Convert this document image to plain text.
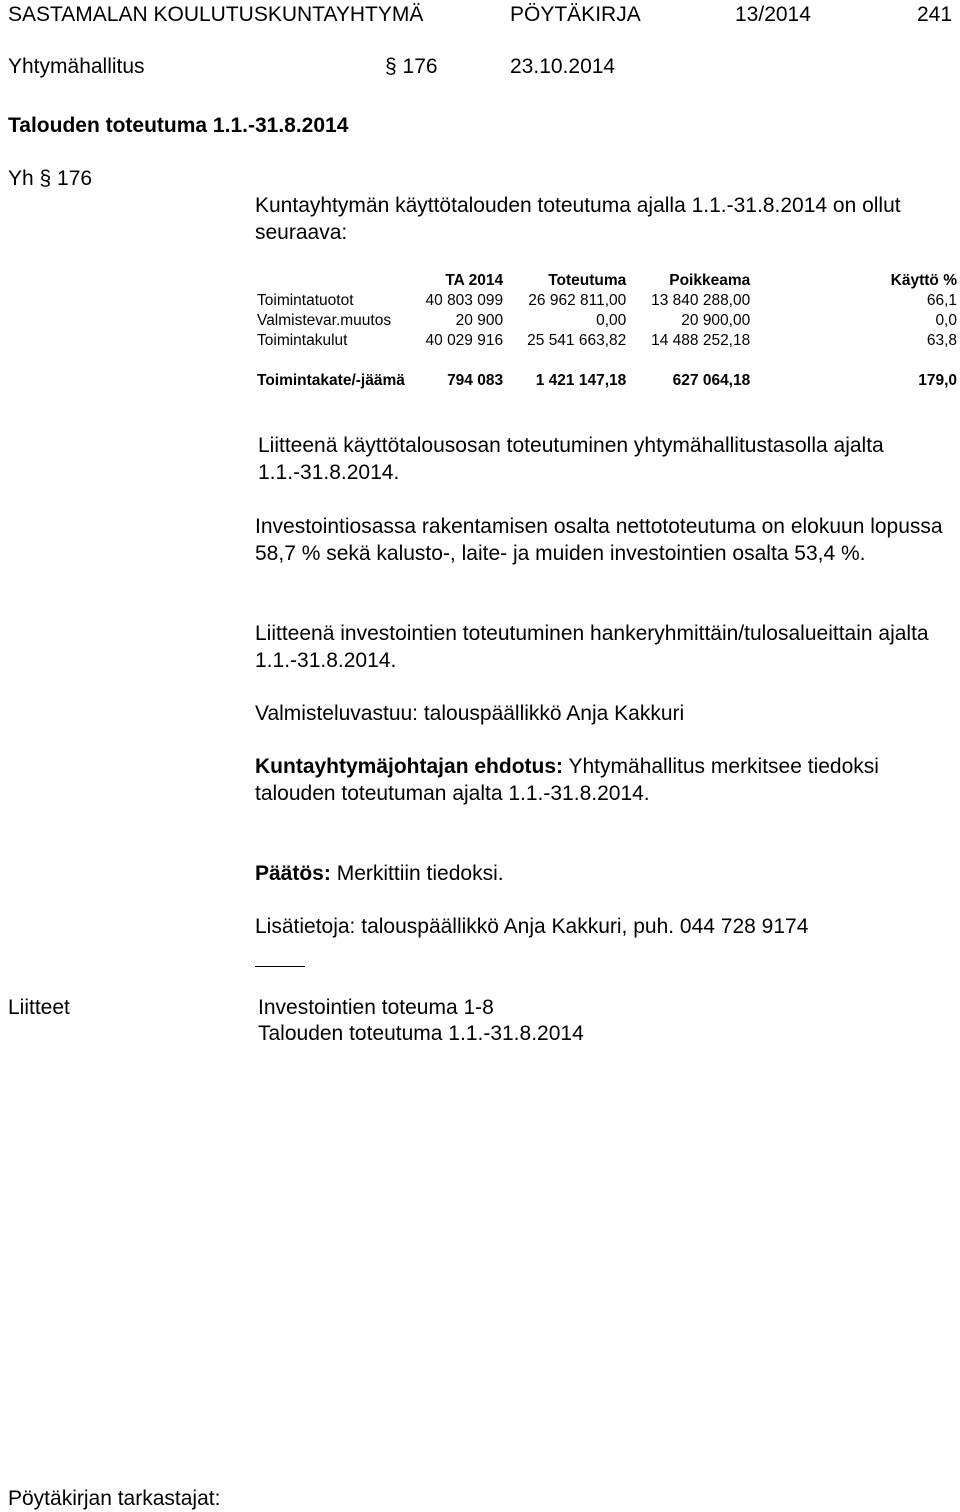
SASTAMALAN KOULUTUSKUNTAYHTYMÄ	PÖYTÄKIRJA	13/2014	241
Yhtymähallitus	§ 176	23.10.2014
Talouden toteutuma 1.1.-31.8.2014
Yh § 176

Kuntayhtymän käyttötalouden toteutuma ajalla 1.1.-31.8.2014 on ollut seuraava:

	TA 2014	Toteutuma	Poikkeama	Käyttö %
Toimintatuotot	40 803 099	26 962 811,00	13 840 288,00	66,1
Valmistevar.muutos	20 900	0,00	20 900,00	0,0
Toimintakulut	40 029 916	25 541 663,82	14 488 252,18	63,8

Toimintakate/-jäämä	794 083	1 421 147,18	627 064,18	179,0

Liitteenä käyttötalousosan toteutuminen yhtymähallitustasolla ajalta 1.1.-31.8.2014.

Investointiosassa rakentamisen osalta nettototeutuma on elokuun lopussa 58,7 % sekä kalusto-, laite- ja muiden investointien osalta 53,4 %.

Liitteenä investointien toteutuminen hankeryhmittäin/tulosalueittain ajalta 1.1.-31.8.2014.

Valmisteluvastuu: talouspäällikkö Anja Kakkuri

Kuntayhtymäjohtajan ehdotus: Yhtymähallitus merkitsee tiedoksi talouden toteutuman ajalta 1.1.-31.8.2014.

Päätös: Merkittiin tiedoksi.

Lisätietoja: talouspäällikkö Anja Kakkuri, puh. 044 728 9174

Liitteet	Investointien toteuma 1-8
Talouden toteutuma 1.1.-31.8.2014
Pöytäkirjan tarkastajat:
